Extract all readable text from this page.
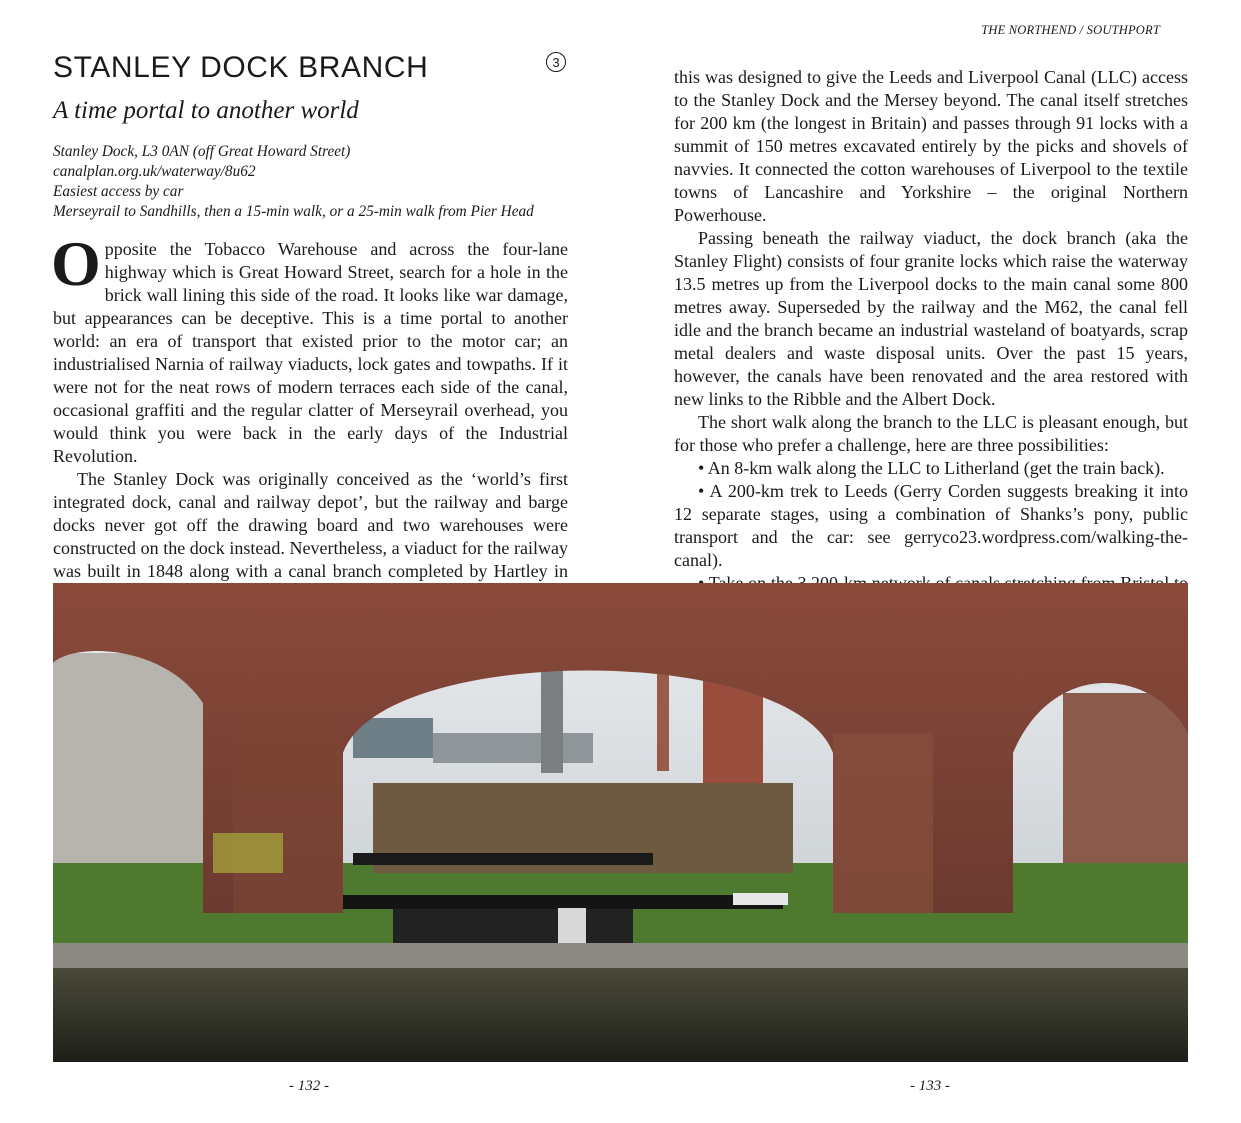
THE NORTHEND / SOUTHPORT
STANLEY DOCK BRANCH	3
A time portal to another world
Stanley Dock, L3 0AN (off Great Howard Street)
canalplan.org.uk/waterway/8u62
Easiest access by car
Merseyrail to Sandhills, then a 15-min walk, or a 25-min walk from Pier Head

Opposite the Tobacco Warehouse and across the four-lane highway which is Great Howard Street, search for a hole in the brick wall lining this side of the road. It looks like war damage, but appearances can be deceptive. This is a time portal to another world: an era of transport that existed prior to the motor car; an industrialised Narnia of railway viaducts, lock gates and towpaths. If it were not for the neat rows of modern terraces each side of the canal, occasional graffiti and the regular clatter of Merseyrail overhead, you would think you were back in the early days of the Industrial Revolution.

The Stanley Dock was originally conceived as the ‘world’s first integrated dock, canal and railway depot’, but the railway and barge docks never got off the drawing board and two warehouses were constructed on the dock instead. Nevertheless, a viaduct for the railway was built in 1848 along with a canal branch completed by Hartley in

this was designed to give the Leeds and Liverpool Canal (LLC) access to the Stanley Dock and the Mersey beyond. The canal itself stretches for 200 km (the longest in Britain) and passes through 91 locks with a summit of 150 metres excavated entirely by the picks and shovels of navvies. It connected the cotton warehouses of Liverpool to the textile towns of Lancashire and Yorkshire – the original Northern Powerhouse.

Passing beneath the railway viaduct, the dock branch (aka the Stanley Flight) consists of four granite locks which raise the waterway 13.5 metres up from the Liverpool docks to the main canal some 800 metres away. Superseded by the railway and the M62, the canal fell idle and the branch became an industrial wasteland of boatyards, scrap metal dealers and waste disposal units. Over the past 15 years, however, the canals have been renovated and the area restored with new links to the Ribble and the Albert Dock.

The short walk along the branch to the LLC is pleasant enough, but for those who prefer a challenge, here are three possibilities:

• An 8-km walk along the LLC to Litherland (get the train back).

• A 200-km trek to Leeds (Gerry Corden suggests breaking it into 12 separate stages, using a combination of Shanks’s pony, public transport and the car: see gerryco23.wordpress.com/walking-the-canal).

- 132 -	- 133 -
